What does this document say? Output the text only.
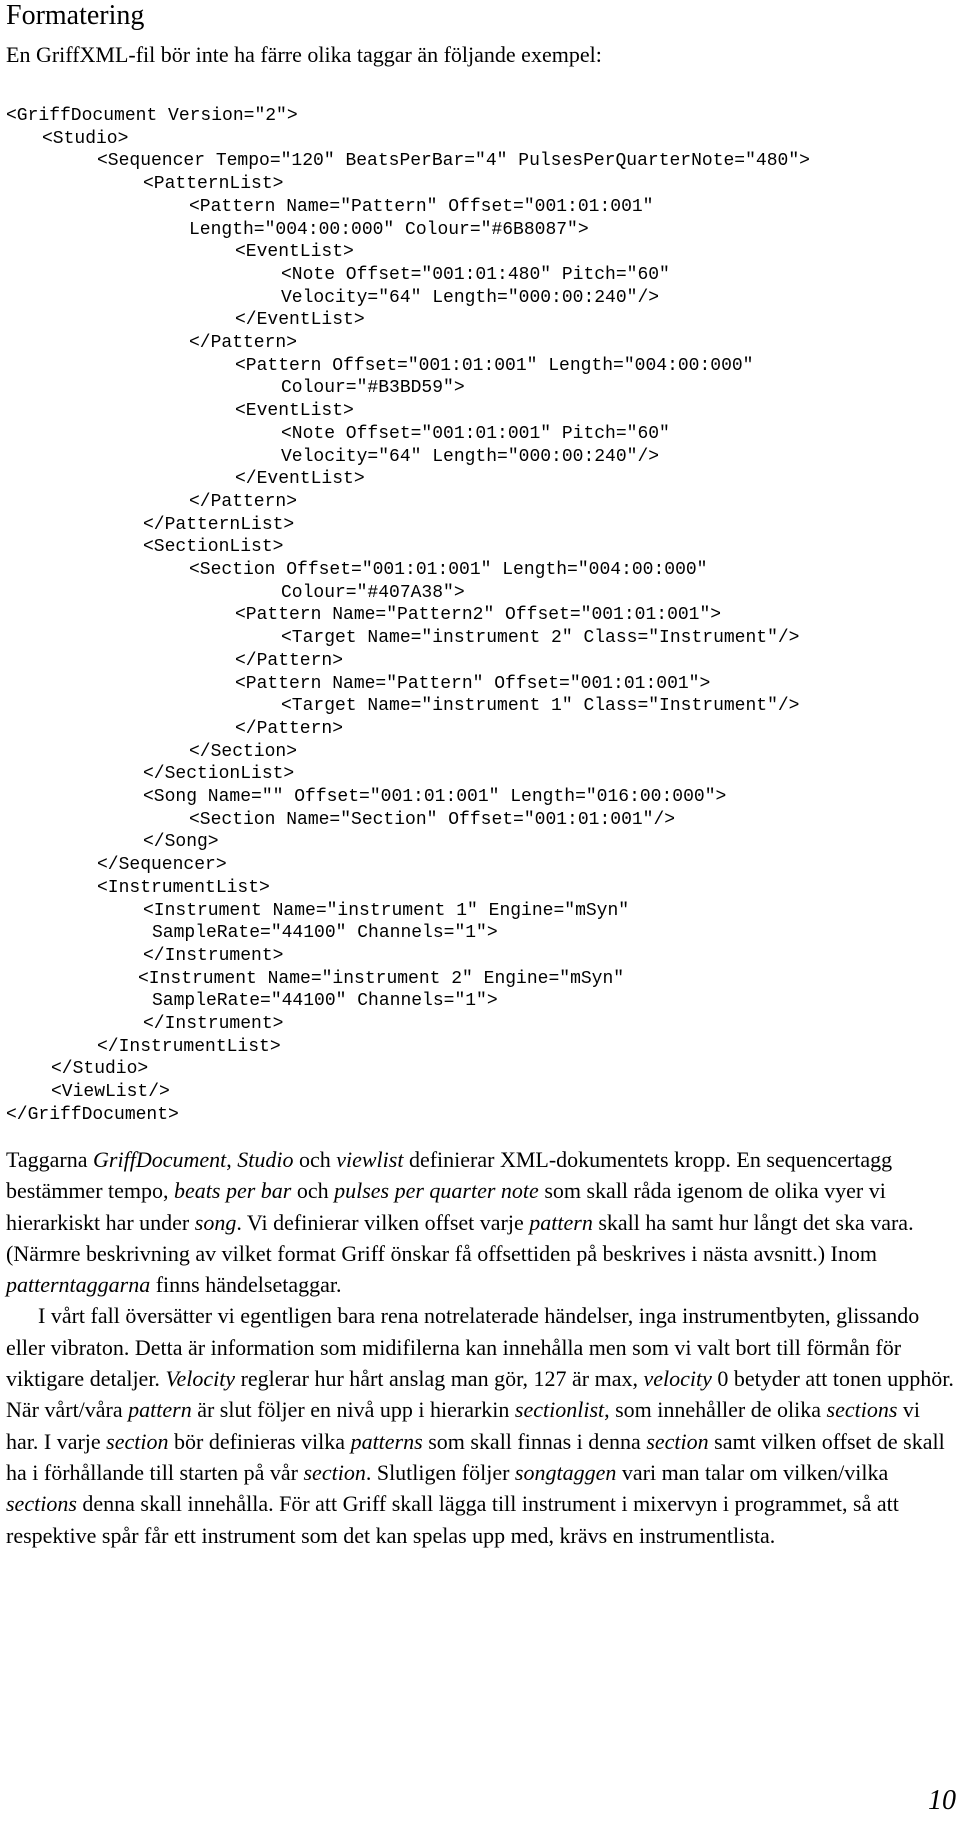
Formatering

En GriffXML-fil bör inte ha färre olika taggar än följande exempel:

<GriffDocument Version="2">
<Studio>
<Sequencer Tempo="120" BeatsPerBar="4" PulsesPerQuarterNote="480">
<PatternList>
<Pattern Name="Pattern" Offset="001:01:001"
Length="004:00:000" Colour="#6B8087">
<EventList>
<Note Offset="001:01:480" Pitch="60"
Velocity="64" Length="000:00:240"/>
</EventList>
</Pattern>
<Pattern Offset="001:01:001" Length="004:00:000"
Colour="#B3BD59">
<EventList>
<Note Offset="001:01:001" Pitch="60"
Velocity="64" Length="000:00:240"/>
</EventList>
</Pattern>
</PatternList>
<SectionList>
<Section Offset="001:01:001" Length="004:00:000"
Colour="#407A38">
<Pattern Name="Pattern2" Offset="001:01:001">
<Target Name="instrument 2" Class="Instrument"/>
</Pattern>
<Pattern Name="Pattern" Offset="001:01:001">
<Target Name="instrument 1" Class="Instrument"/>
</Pattern>
</Section>
</SectionList>
<Song Name="" Offset="001:01:001" Length="016:00:000">
<Section Name="Section" Offset="001:01:001"/>
</Song>
</Sequencer>
<InstrumentList>
<Instrument Name="instrument 1" Engine="mSyn"
SampleRate="44100" Channels="1">
</Instrument>
<Instrument Name="instrument 2" Engine="mSyn"
SampleRate="44100" Channels="1">
</Instrument>
</InstrumentList>
</Studio>
<ViewList/>
</GriffDocument>

Taggarna GriffDocument, Studio och viewlist definierar XML-dokumentets kropp. En sequencertagg bestämmer tempo, beats per bar och pulses per quarter note som skall råda igenom de olika vyer vi hierarkiskt har under song. Vi definierar vilken offset varje pattern skall ha samt hur långt det ska vara. (Närmre beskrivning av vilket format Griff önskar få offsettiden på beskrives i nästa avsnitt.) Inom patterntaggarna finns händelsetaggar.

I vårt fall översätter vi egentligen bara rena notrelaterade händelser, inga instrumentbyten, glissando eller vibraton. Detta är information som midifilerna kan innehålla men som vi valt bort till förmån för viktigare detaljer. Velocity reglerar hur hårt anslag man gör, 127 är max, velocity 0 betyder att tonen upphör. När vårt/våra pattern är slut följer en nivå upp i hierarkin sectionlist, som innehåller de olika sections vi har. I varje section bör definieras vilka patterns som skall finnas i denna section samt vilken offset de skall ha i förhållande till starten på vår section. Slutligen följer songtaggen vari man talar om vilken/vilka sections denna skall innehålla. För att Griff skall lägga till instrument i mixervyn i programmet, så att respektive spår får ett instrument som det kan spelas upp med, krävs en instrumentlista.

10
